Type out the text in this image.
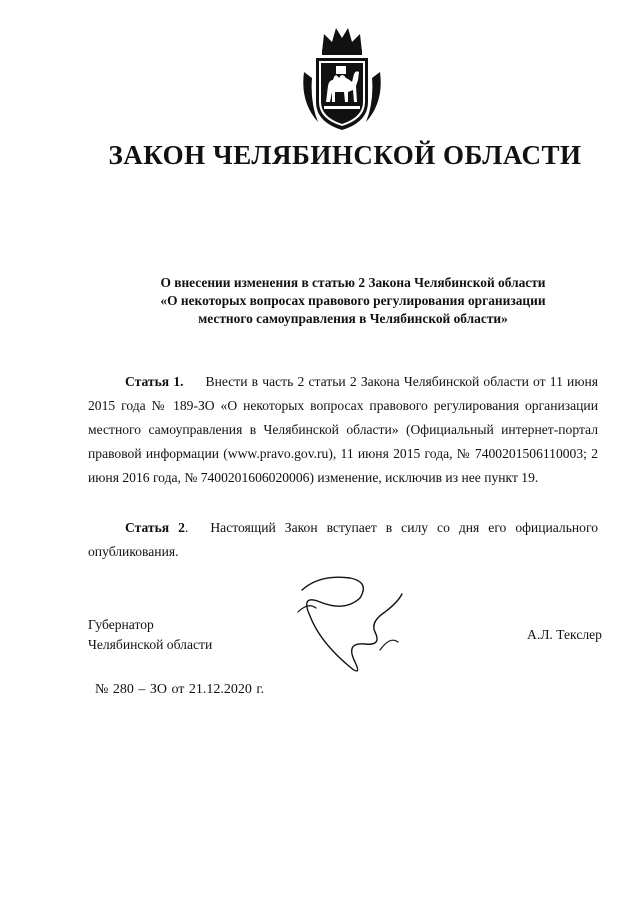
ЗАКОН ЧЕЛЯБИНСКОЙ ОБЛАСТИ
О внесении изменения в статью 2 Закона Челябинской области
«О некоторых вопросах правового регулирования организации
местного самоуправления в Челябинской области»
Статья 1. Внести в часть 2 статьи 2 Закона Челябинской области от 11 июня 2015 года № 189-ЗО «О некоторых вопросах правового регулирования организации местного самоуправления в Челябинской области» (Официальный интернет-портал правовой информации (www.pravo.gov.ru), 11 июня 2015 года, № 7400201506110003; 2 июня 2016 года, № 7400201606020006) изменение, исключив из нее пункт 19.
Статья 2. Настоящий Закон вступает в силу со дня его официального опубликования.
Губернатор
Челябинской области
А.Л. Текслер
№ 280 – ЗО от 21.12.2020 г.
